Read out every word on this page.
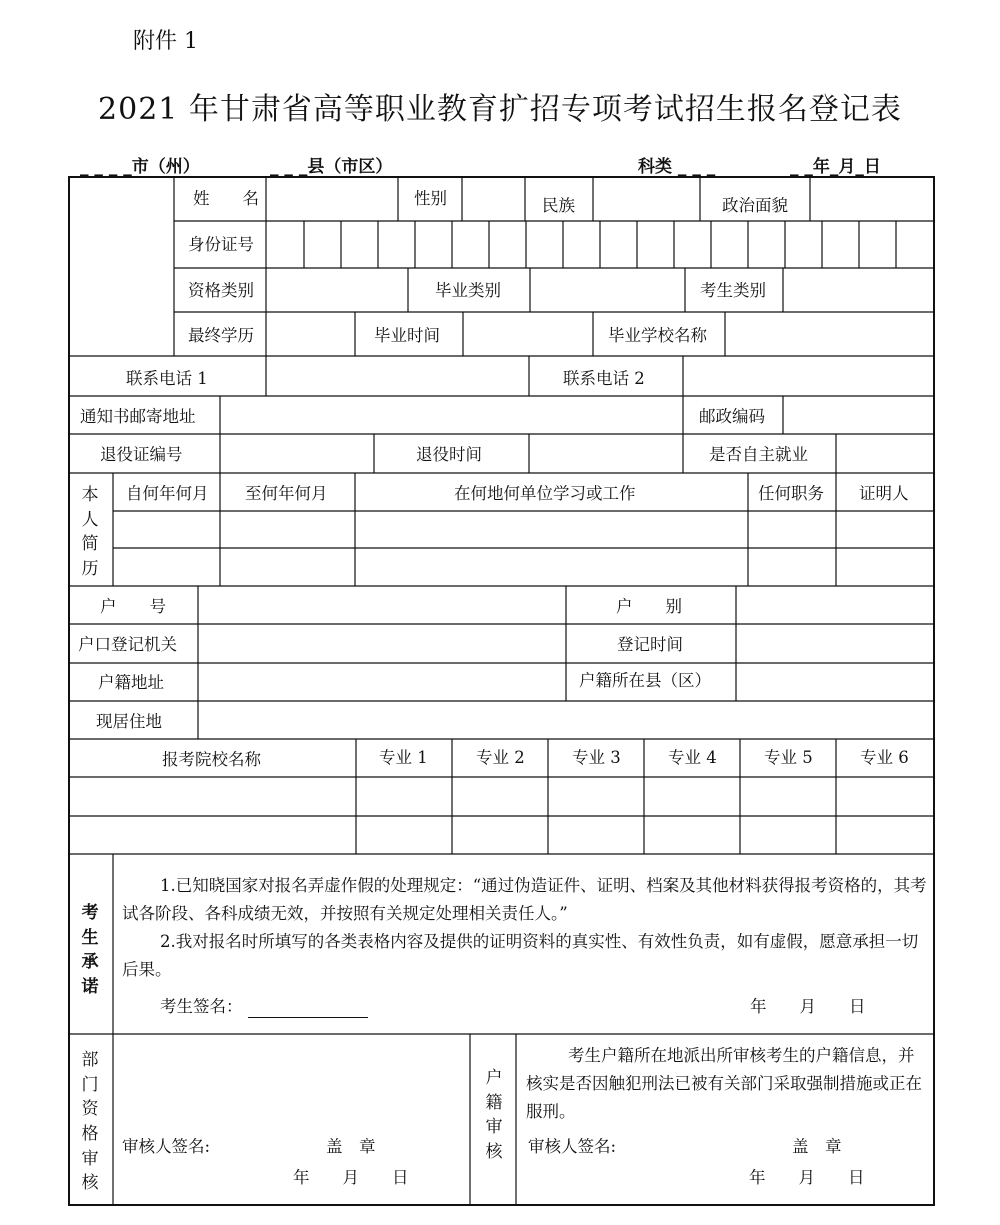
附件 1
2021 年甘肃省高等职业教育扩招专项考试招生报名登记表
_ _ _ _市（州）	_ _ _县（市区）	科类 _ _ _	_ _年_月_日
姓　　名	性别	民族	政治面貌
身份证号
资格类别	毕业类别	考生类别
最终学历	毕业时间	毕业学校名称
联系电话 1	联系电话 2
通知书邮寄地址	邮政编码
退役证编号	退役时间	是否自主就业
本人简历
自何年何月 至何年何月	在何地何单位学习或工作	任何职务 证明人
户　　号	户　　别
户口登记机关	登记时间
户籍地址	户籍所在县（区）
现居住地
报考院校名称	专业 1	专业 2	专业 3	专业 4	专业 5	专业 6
考生承诺
1.已知晓国家对报名弄虚作假的处理规定：“通过伪造证件、证明、档案及其他材料获得报考资格的，其考试各阶段、各科成绩无效，并按照有关规定处理相关责任人。”
2.我对报名时所填写的各类表格内容及提供的证明资料的真实性、有效性负责，如有虚假，愿意承担一切后果。
考生签名：	年　　月　　日
部门资格审核
审核人签名:	盖　章
年　　月　　日
户籍审核
考生户籍所在地派出所审核考生的户籍信息，并核实是否因触犯刑法已被有关部门采取强制措施或正在服刑。
审核人签名:	盖　章
年　　月　　日
